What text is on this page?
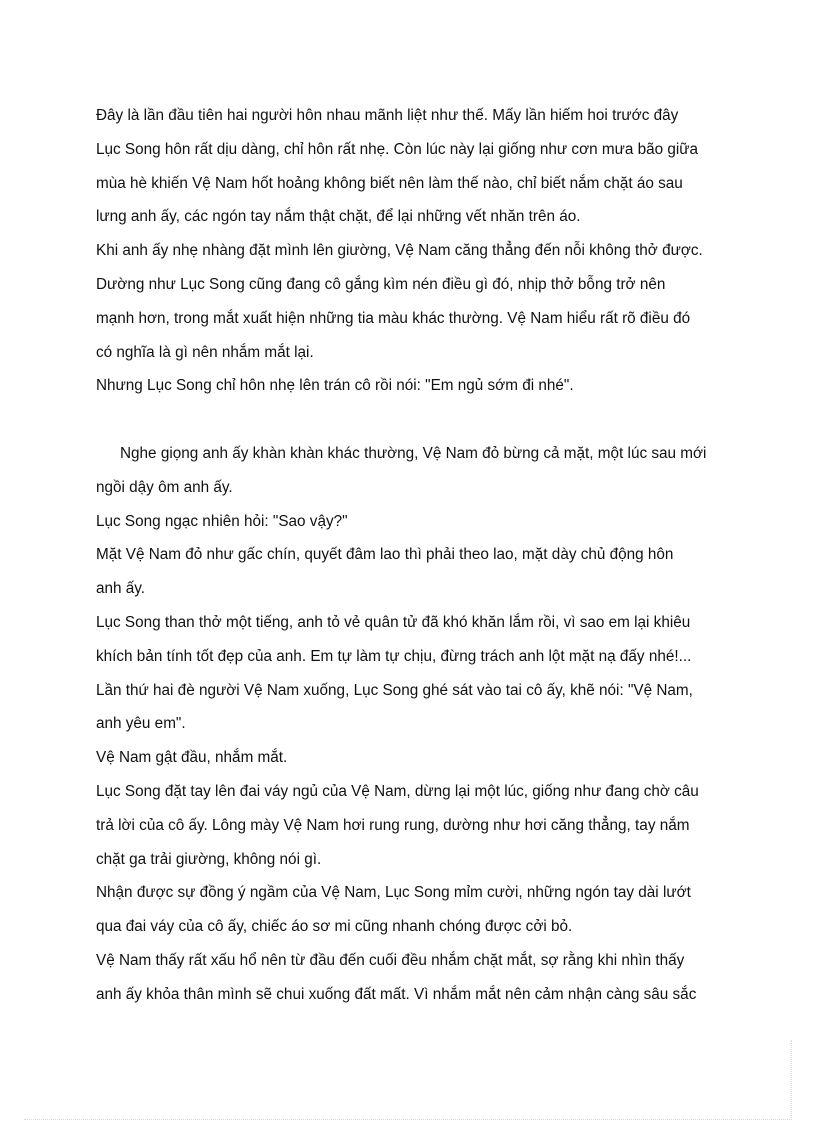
Đây là lần đầu tiên hai người hôn nhau mãnh liệt như thế. Mấy lần hiếm hoi trước đây
Lục Song hôn rất dịu dàng, chỉ hôn rất nhẹ. Còn lúc này lại giống như cơn mưa bão giữa
mùa hè khiến Vệ Nam hốt hoảng không biết nên làm thế nào, chỉ biết nắm chặt áo sau
lưng anh ấy, các ngón tay nắm thật chặt, để lại những vết nhăn trên áo.
Khi anh ấy nhẹ nhàng đặt mình lên giường, Vệ Nam căng thẳng đến nỗi không thở được.
Dường như Lục Song cũng đang cô gắng kìm nén điều gì đó, nhịp thở bỗng trở nên
mạnh hơn, trong mắt xuất hiện những tia màu khác thường. Vệ Nam hiểu rất rõ điều đó
có nghĩa là gì nên nhắm mắt lại.
Nhưng Lục Song chỉ hôn nhẹ lên trán cô rồi nói: "Em ngủ sớm đi nhé".
Nghe giọng anh ấy khàn khàn khác thường, Vệ Nam đỏ bừng cả mặt, một lúc sau mới
ngồi dậy ôm anh ấy.
Lục Song ngạc nhiên hỏi: "Sao vậy?"
Mặt Vệ Nam đỏ như gấc chín, quyết đâm lao thì phải theo lao, mặt dày chủ động hôn
anh ấy.
Lục Song than thở một tiếng, anh tỏ vẻ quân tử đã khó khăn lắm rồi, vì sao em lại khiêu
khích bản tính tốt đẹp của anh. Em tự làm tự chịu, đừng trách anh lột mặt nạ đấy nhé!...
Lần thứ hai đè người Vệ Nam xuống, Lục Song ghé sát vào tai cô ấy, khẽ nói: "Vệ Nam,
anh yêu em".
Vệ Nam gật đầu, nhắm mắt.
Lục Song đặt tay lên đai váy ngủ của Vệ Nam, dừng lại một lúc, giống như đang chờ câu
trả lời của cô ấy. Lông mày Vệ Nam hơi rung rung, dường như hơi căng thẳng, tay nắm
chặt ga trải giường, không nói gì.
Nhận được sự đồng ý ngầm của Vệ Nam, Lục Song mỉm cười, những ngón tay dài lướt
qua đai váy của cô ấy, chiếc áo sơ mi cũng nhanh chóng được cởi bỏ.
Vệ Nam thấy rất xấu hổ nên từ đầu đến cuối đều nhắm chặt mắt, sợ rằng khi nhìn thấy
anh ấy khỏa thân mình sẽ chui xuống đất mất. Vì nhắm mắt nên cảm nhận càng sâu sắc
